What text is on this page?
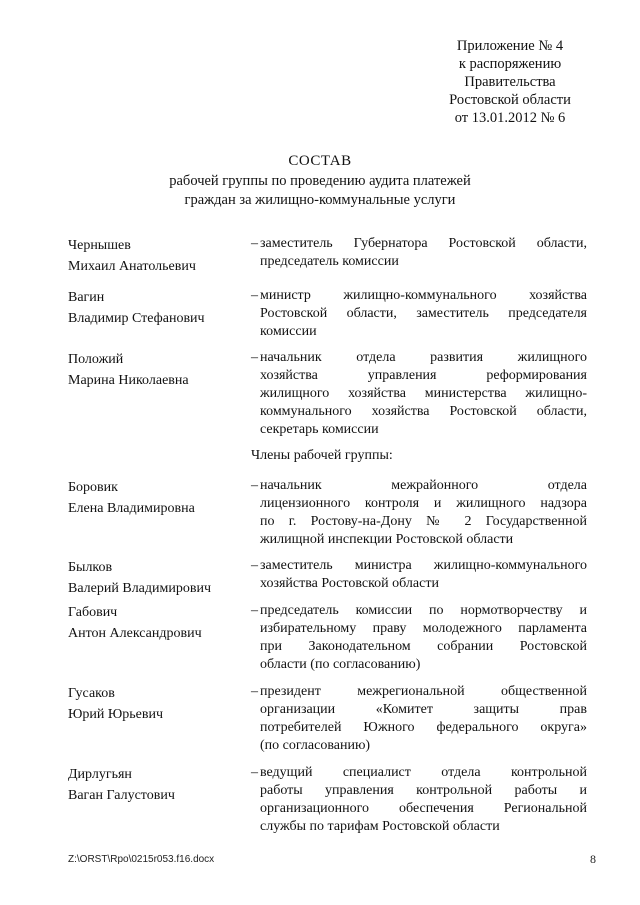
Приложение № 4
к распоряжению
Правительства
Ростовской области
от 13.01.2012 № 6
СОСТАВ
рабочей группы по проведению аудита платежей
граждан за жилищно-коммунальные услуги
Чернышев
Михаил Анатольевич
– заместитель Губернатора Ростовской области,
председатель комиссии
Вагин
Владимир Стефанович
– министр жилищно-коммунального хозяйства
Ростовской области, заместитель председателя
комиссии
Положий
Марина Николаевна
– начальник отдела развития жилищного
хозяйства управления реформирования
жилищного хозяйства министерства жилищно-
коммунального хозяйства Ростовской области,
секретарь комиссии
Члены рабочей группы:
Боровик
Елена Владимировна
– начальник межрайонного отдела
лицензионного контроля и жилищного надзора
по г. Ростову-на-Дону № 2 Государственной
жилищной инспекции Ростовской области
Былков
Валерий Владимирович
– заместитель министра жилищно-коммунального
хозяйства Ростовской области
Габович
Антон Александрович
– председатель комиссии по нормотворчеству и
избирательному праву молодежного парламента
при Законодательном собрании Ростовской
области (по согласованию)
Гусаков
Юрий Юрьевич
– президент межрегиональной общественной
организации «Комитет защиты прав
потребителей Южного федерального округа»
(по согласованию)
Дирлугьян
Ваган Галустович
– ведущий специалист отдела контрольной
работы управления контрольной работы и
организационного обеспечения Региональной
службы по тарифам Ростовской области
Z:\ORST\Rpo\0215r053.f16.docx	8
